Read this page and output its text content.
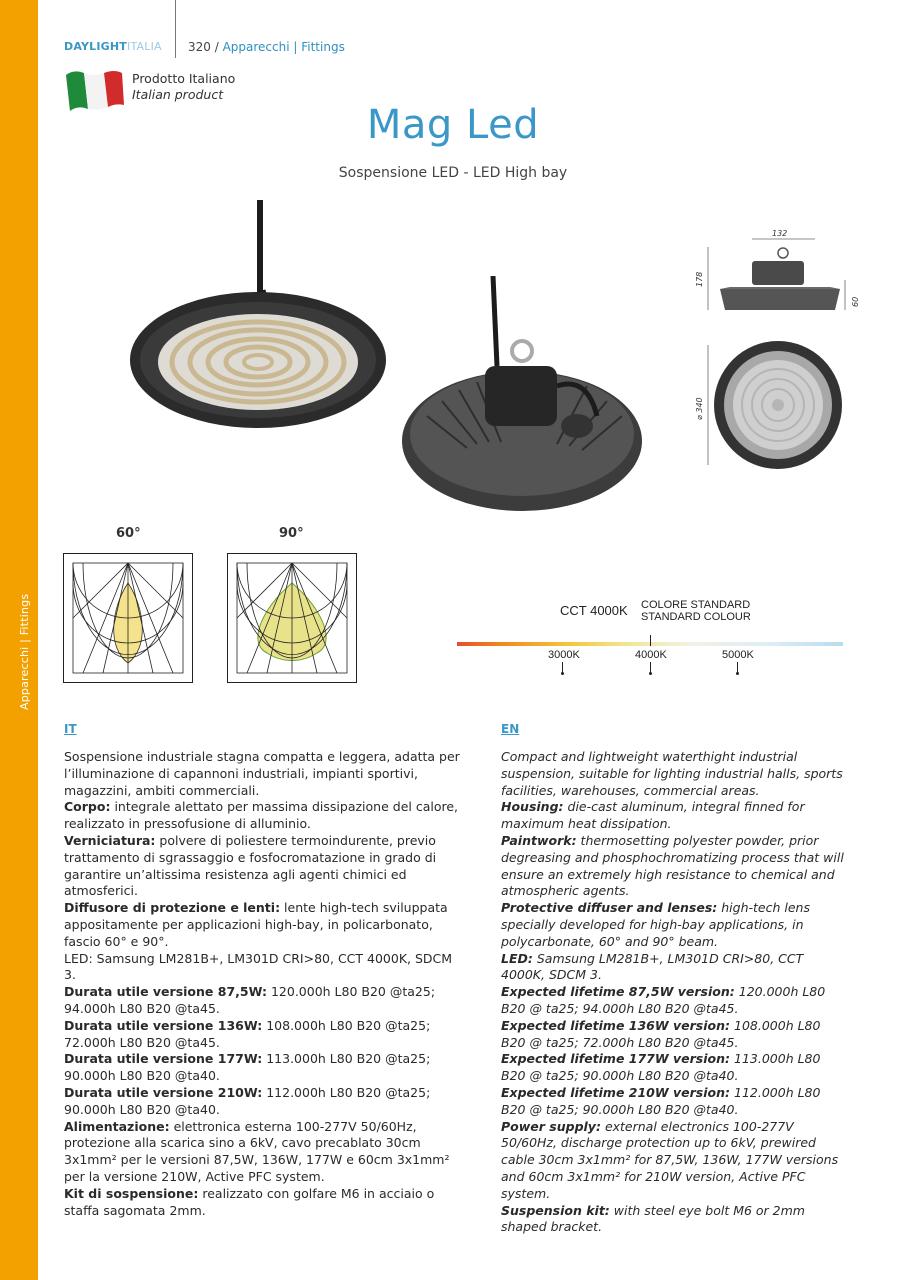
DAYLIGHTITALIA 320 / Apparecchi | Fittings
Prodotto Italiano
Italian product
Mag Led
Sospensione LED - LED High bay
132
178
60
⌀ 340
60°	90°
CCT 4000K COLORE STANDARD
STANDARD COLOUR
3000K	4000K	5000K
IT	EN

Sospensione industriale stagna compatta e leggera, adatta per l’illuminazione di capannoni industriali, impianti sportivi, magazzini, ambiti commerciali.

Corpo: integrale alettato per massima dissipazione del calore, realizzato in pressofusione di alluminio.

Verniciatura: polvere di poliestere termoindurente, previo trattamento di sgrassaggio e fosfocromatazione in grado di garantire un’altissima resistenza agli agenti chimici ed atmosferici.

Diffusore di protezione e lenti: lente high-tech sviluppata appositamente per applicazioni high-bay, in policarbonato, fascio 60° e 90°.

LED: Samsung LM281B+, LM301D CRI>80, CCT 4000K, SDCM 3.

Durata utile versione 87,5W: 120.000h L80 B20 @ta25; 94.000h L80 B20 @ta45.

Durata utile versione 136W: 108.000h L80 B20 @ta25; 72.000h L80 B20 @ta45.

Durata utile versione 177W: 113.000h L80 B20 @ta25; 90.000h L80 B20 @ta40.

Durata utile versione 210W: 112.000h L80 B20 @ta25; 90.000h L80 B20 @ta40.

Alimentazione: elettronica esterna 100-277V 50/60Hz, protezione alla scarica sino a 6kV, cavo precablato 30cm 3x1mm² per le versioni 87,5W, 136W, 177W e 60cm 3x1mm² per la versione 210W, Active PFC system.

Kit di sospensione: realizzato con golfare M6 in acciaio o staffa sagomata 2mm.

Compact and lightweight waterthight industrial suspension, suitable for lighting industrial halls, sports facilities, warehouses, commercial areas.

Housing: die-cast aluminum, integral finned for maximum heat dissipation.

Paintwork: thermosetting polyester powder, prior degreasing and phosphochromatizing process that will ensure an extremely high resistance to chemical and atmospheric agents.

Protective diffuser and lenses: high-tech lens specially developed for high-bay applications, in polycarbonate, 60° and 90° beam.

LED: Samsung LM281B+, LM301D CRI>80, CCT 4000K, SDCM 3.

Expected lifetime 87,5W version: 120.000h L80 B20 @ ta25; 94.000h L80 B20 @ta45.

Expected lifetime 136W version: 108.000h L80 B20 @ ta25; 72.000h L80 B20 @ta45.

Expected lifetime 177W version: 113.000h L80 B20 @ ta25; 90.000h L80 B20 @ta40.

Expected lifetime 210W version: 112.000h L80 B20 @ ta25; 90.000h L80 B20 @ta40.

Power supply: external electronics 100-277V 50/60Hz, discharge protection up to 6kV, prewired cable 30cm 3x1mm² for 87,5W, 136W, 177W versions and 60cm 3x1mm² for 210W version, Active PFC system.

Suspension kit: with steel eye bolt M6 or 2mm shaped bracket.
